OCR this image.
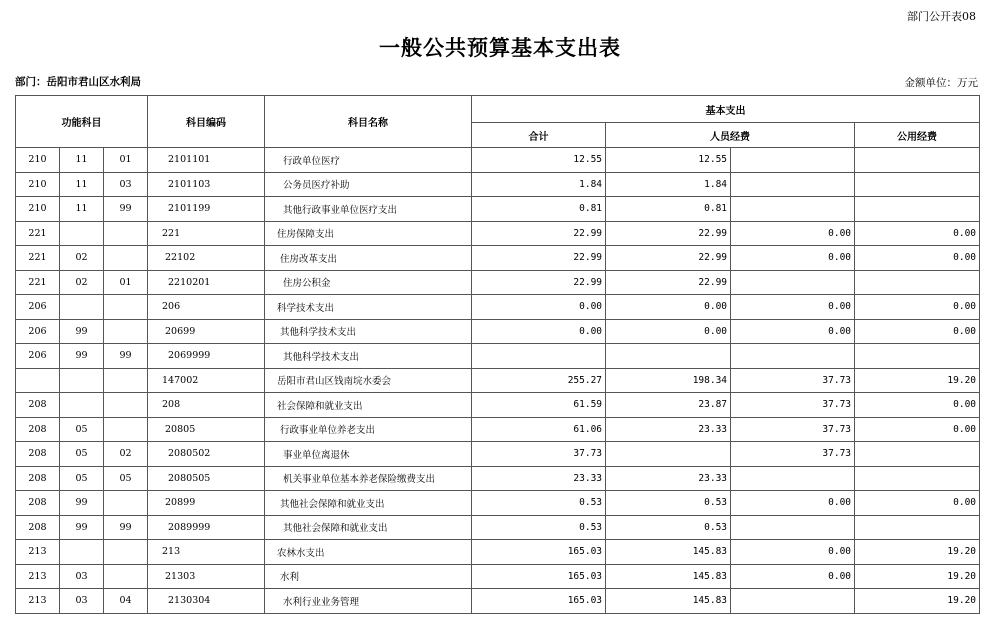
部门公开表08
一般公共预算基本支出表
部门：岳阳市君山区水利局	金额单位：万元
功能科目			科目编码	科目名称	基本支出			
					合计	人员经费		公用经费
210	11	01	2101101	行政单位医疗	12.55	12.55		
210	11	03	2101103	公务员医疗补助	1.84	1.84		
210	11	99	2101199	其他行政事业单位医疗支出	0.81	0.81		
221			221	住房保障支出	22.99	22.99	0.00	0.00
221	02		22102	住房改革支出	22.99	22.99	0.00	0.00
221	02	01	2210201	住房公积金	22.99	22.99		
206			206	科学技术支出	0.00	0.00	0.00	0.00
206	99		20699	其他科学技术支出	0.00	0.00	0.00	0.00
206	99	99	2069999	其他科学技术支出				
			147002	岳阳市君山区钱南垸水委会	255.27	198.34	37.73	19.20
208			208	社会保障和就业支出	61.59	23.87	37.73	0.00
208	05		20805	行政事业单位养老支出	61.06	23.33	37.73	0.00
208	05	02	2080502	事业单位离退休	37.73		37.73	
208	05	05	2080505	机关事业单位基本养老保险缴费支出	23.33	23.33		
208	99		20899	其他社会保障和就业支出	0.53	0.53	0.00	0.00
208	99	99	2089999	其他社会保障和就业支出	0.53	0.53		
213			213	农林水支出	165.03	145.83	0.00	19.20
213	03		21303	水利	165.03	145.83	0.00	19.20
213	03	04	2130304	水利行业业务管理	165.03	145.83		19.20
